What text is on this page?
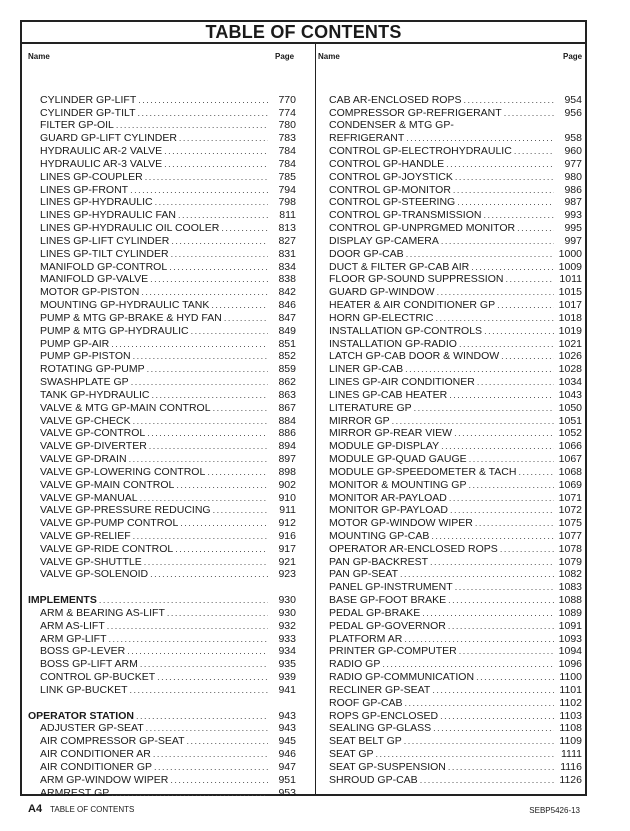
TABLE OF CONTENTS
Name	Page	Name	Page
CYLINDER GP-LIFT . . .	770
CYLINDER GP-TILT . . .	774
FILTER GP-OIL . . .	780
GUARD GP-LIFT CYLINDER . . .	783
HYDRAULIC AR-2 VALVE . . .	784
HYDRAULIC AR-3 VALVE . . .	784
LINES GP-COUPLER . . .	785
LINES GP-FRONT . . .	794
LINES GP-HYDRAULIC . . .	798
LINES GP-HYDRAULIC FAN . . .	811
LINES GP-HYDRAULIC OIL COOLER . . .	813
LINES GP-LIFT CYLINDER . . .	827
LINES GP-TILT CYLINDER . . .	831
MANIFOLD GP-CONTROL . . .	834
MANIFOLD GP-VALVE . . .	838
MOTOR GP-PISTON . . .	842
MOUNTING GP-HYDRAULIC TANK . . .	846
PUMP & MTG GP-BRAKE & HYD FAN . . .	847
PUMP & MTG GP-HYDRAULIC . . .	849
PUMP GP-AIR . . .	851
PUMP GP-PISTON . . .	852
ROTATING GP-PUMP . . .	859
SWASHPLATE GP . . .	862
TANK GP-HYDRAULIC . . .	863
VALVE & MTG GP-MAIN CONTROL . . .	867
VALVE GP-CHECK . . .	884
VALVE GP-CONTROL . . .	886
VALVE GP-DIVERTER . . .	894
VALVE GP-DRAIN . . .	897
VALVE GP-LOWERING CONTROL . . .	898
VALVE GP-MAIN CONTROL . . .	902
VALVE GP-MANUAL . . .	910
VALVE GP-PRESSURE REDUCING . . .	911
VALVE GP-PUMP CONTROL . . .	912
VALVE GP-RELIEF . . .	916
VALVE GP-RIDE CONTROL . . .	917
VALVE GP-SHUTTLE . . .	921
VALVE GP-SOLENOID . . .	923
IMPLEMENTS . . .	930
ARM & BEARING AS-LIFT . . .	930
ARM AS-LIFT . . .	932
ARM GP-LIFT . . .	933
BOSS GP-LEVER . . .	934
BOSS GP-LIFT ARM . . .	935
CONTROL GP-BUCKET . . .	939
LINK GP-BUCKET . . .	941
OPERATOR STATION . . .	943
ADJUSTER GP-SEAT . . .	943
AIR COMPRESSOR GP-SEAT . . .	945
AIR CONDITIONER AR . . .	946
AIR CONDITIONER GP . . .	947
ARM GP-WINDOW WIPER . . .	951
ARMREST GP . . .	953
CAB AR-ENCLOSED ROPS . . .	954
COMPRESSOR GP-REFRIGERANT . . .	956
CONDENSER & MTG GP-
REFRIGERANT . . .	958
CONTROL GP-ELECTROHYDRAULIC . . .	960
CONTROL GP-HANDLE . . .	977
CONTROL GP-JOYSTICK . . .	980
CONTROL GP-MONITOR . . .	986
CONTROL GP-STEERING . . .	987
CONTROL GP-TRANSMISSION . . .	993
CONTROL GP-UNPRGMED MONITOR . . .	995
DISPLAY GP-CAMERA . . .	997
DOOR GP-CAB . . .	1000
DUCT & FILTER GP-CAB AIR . . .	1009
FLOOR GP-SOUND SUPPRESSION . . .	1011
GUARD GP-WINDOW . . .	1015
HEATER & AIR CONDITIONER GP . . .	1017
HORN GP-ELECTRIC . . .	1018
INSTALLATION GP-CONTROLS . . .	1019
INSTALLATION GP-RADIO . . .	1021
LATCH GP-CAB DOOR & WINDOW . . .	1026
LINER GP-CAB . . .	1028
LINES GP-AIR CONDITIONER . . .	1034
LINES GP-CAB HEATER . . .	1043
LITERATURE GP . . .	1050
MIRROR GP . . .	1051
MIRROR GP-REAR VIEW . . .	1052
MODULE GP-DISPLAY . . .	1066
MODULE GP-QUAD GAUGE . . .	1067
MODULE GP-SPEEDOMETER & TACH . . .	1068
MONITOR & MOUNTING GP . . .	1069
MONITOR AR-PAYLOAD . . .	1071
MONITOR GP-PAYLOAD . . .	1072
MOTOR GP-WINDOW WIPER . . .	1075
MOUNTING GP-CAB . . .	1077
OPERATOR AR-ENCLOSED ROPS . . .	1078
PAN GP-BACKREST . . .	1079
PAN GP-SEAT . . .	1082
PANEL GP-INSTRUMENT . . .	1083
BASE GP-FOOT BRAKE . . .	1088
PEDAL GP-BRAKE . . .	1089
PEDAL GP-GOVERNOR . . .	1091
PLATFORM AR . . .	1093
PRINTER GP-COMPUTER . . .	1094
RADIO GP . . .	1096
RADIO GP-COMMUNICATION . . .	1100
RECLINER GP-SEAT . . .	1101
ROOF GP-CAB . . .	1102
ROPS GP-ENCLOSED . . .	1103
SEALING GP-GLASS . . .	1108
SEAT BELT GP . . .	1109
SEAT GP . . .	1111
SEAT GP-SUSPENSION . . .	1116
SHROUD GP-CAB . . .	1126
A4 TABLE OF CONTENTS	SEBP5426-13
